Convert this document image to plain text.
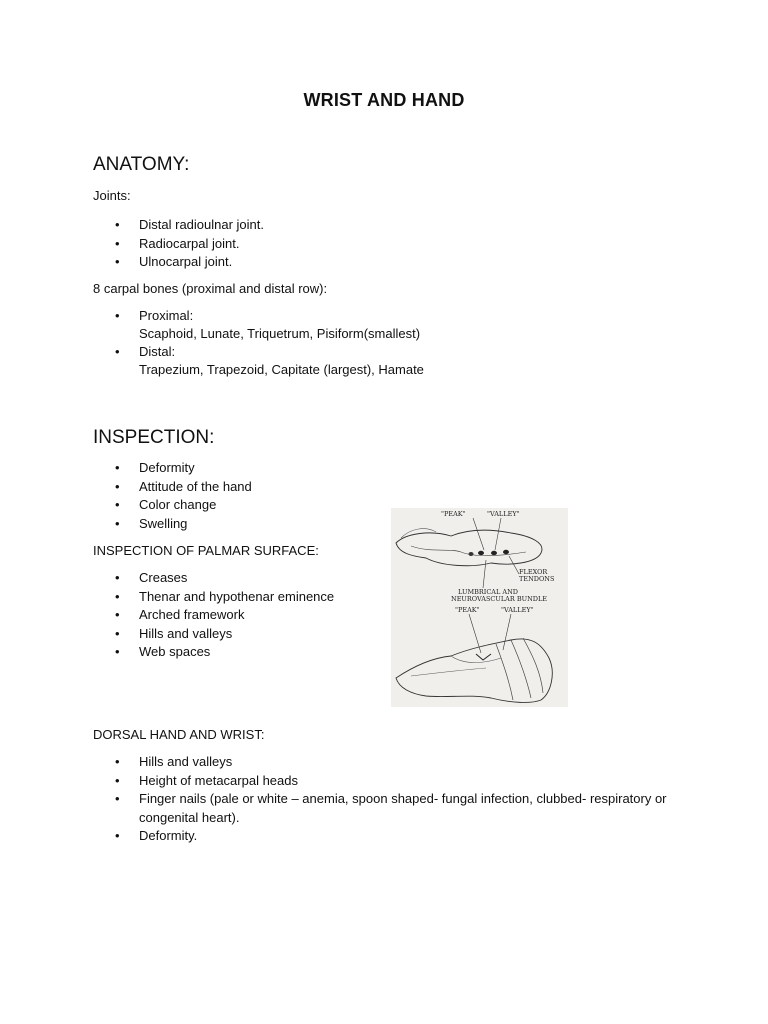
WRIST AND HAND
ANATOMY:
Joints:
• Distal radioulnar joint.
• Radiocarpal joint.
• Ulnocarpal joint.
8 carpal bones (proximal and distal row):
• Proximal:
Scaphoid, Lunate, Triquetrum, Pisiform(smallest)
• Distal:
Trapezium, Trapezoid, Capitate (largest), Hamate
INSPECTION:
• Deformity
• Attitude of the hand
• Color change
• Swelling
INSPECTION OF PALMAR SURFACE:
• Creases
• Thenar and hypothenar eminence
• Arched framework
• Hills and valleys
• Web spaces
"PEAK"	"VALLEY"
FLEXOR
TENDONS
LUMBRICAL AND
NEUROVASCULAR BUNDLE
"PEAK"	"VALLEY"
DORSAL HAND AND WRIST:
• Hills and valleys
• Height of metacarpal heads
• Finger nails (pale or white – anemia, spoon shaped- fungal infection, clubbed- respiratory or congenital heart).
• Deformity.
